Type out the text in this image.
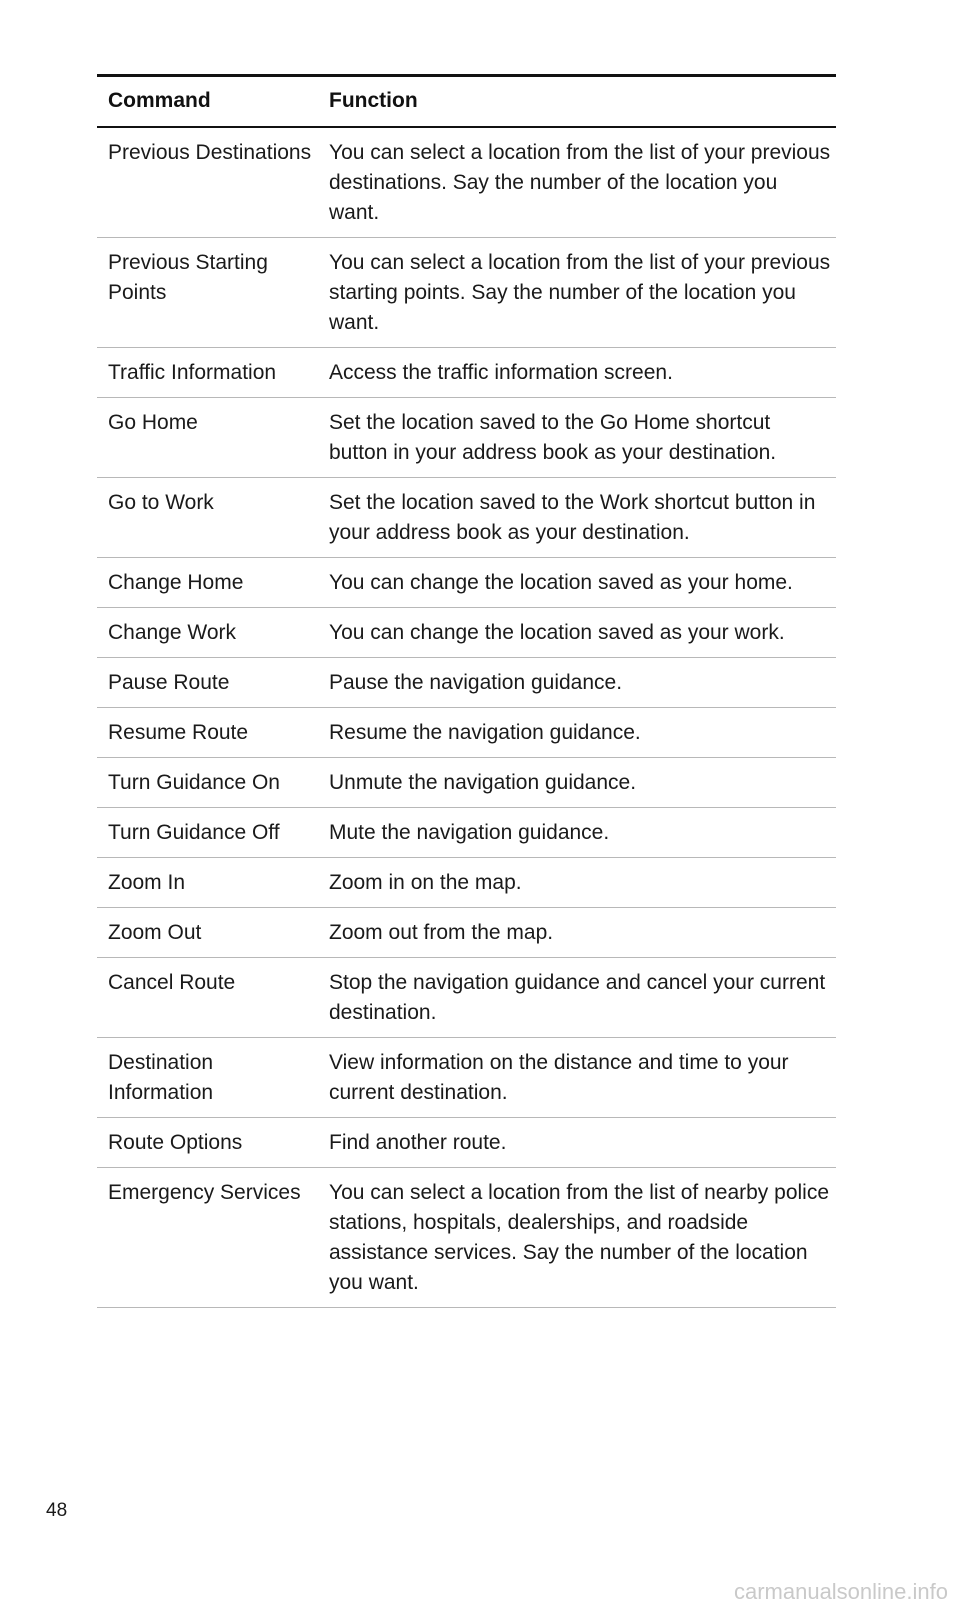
Command	Function
Previous Destinations	You can select a location from the list of your previous destinations. Say the number of the location you want.
Previous Starting Points	You can select a location from the list of your previous starting points. Say the number of the location you want.
Traffic Information	Access the traffic information screen.
Go Home	Set the location saved to the Go Home shortcut button in your address book as your destination.
Go to Work	Set the location saved to the Work shortcut button in your address book as your destination.
Change Home	You can change the location saved as your home.
Change Work	You can change the location saved as your work.
Pause Route	Pause the navigation guidance.
Resume Route	Resume the navigation guidance.
Turn Guidance On	Unmute the navigation guidance.
Turn Guidance Off	Mute the navigation guidance.
Zoom In	Zoom in on the map.
Zoom Out	Zoom out from the map.
Cancel Route	Stop the navigation guidance and cancel your current destination.
Destination Information	View information on the distance and time to your current destination.
Route Options	Find another route.
Emergency Services	You can select a location from the list of nearby police stations, hospitals, dealerships, and roadside assistance services. Say the number of the location you want.
48
carmanualsonline.info
